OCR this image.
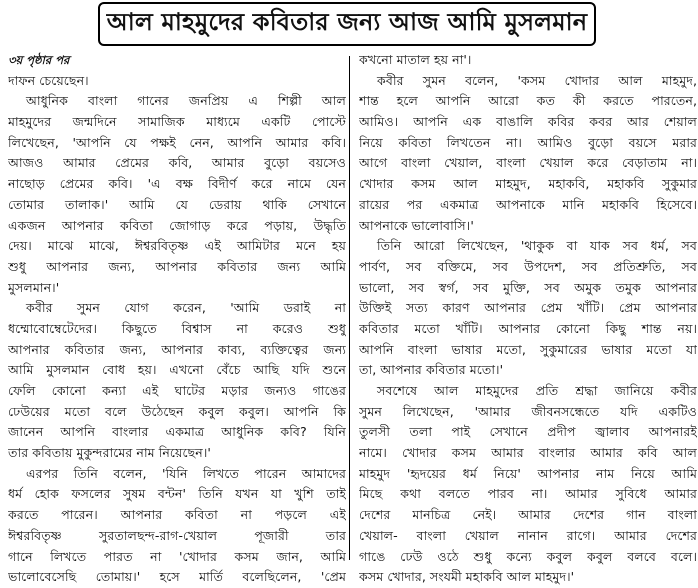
আল মাহমুদের কবিতার জন্য আজ আমি মুসলমান
৩য় পৃষ্ঠার পর
দাফন চেয়েছেন।
আধুনিক বাংলা গানের জনপ্রিয় এ শিল্পী আল
মাহমুদের জন্মদিনে সামাজিক মাধ্যমে একটি পোস্টে
লিখেছেন, 'আপনি যে পক্ষই নেন, আপনি আমার কবি।
আজও আমার প্রেমের কবি, আমার বুড়ো বয়সেও
নাছোড় প্রেমের কবি। 'এ বক্ষ বিদীর্ণ করে নামে যেন
তোমার তালাক।' আমি যে ডেরায় থাকি সেখানে
একজন আপনার কবিতা জোগাড় করে পড়ায়, উদ্ধৃতি
দেয়। মাঝে মাঝে, ঈশ্বরবিতৃষ্ণ এই আমিটার মনে হয়
শুধু আপনার জন্য, আপনার কবিতার জন্য আমি
মুসলমান।'
কবীর সুমন যোগ করেন, 'আমি ডরাই না
ধম্মোবোম্বেটেদের। কিছুতে বিশ্বাস না করেও শুধু
আপনার কবিতার জন্য, আপনার কাব্য, ব্যক্তিত্বের জন্য
আমি মুসলমান বোধ হয়। এখনো বেঁচে আছি যদি শুনে
ফেলি কোনো কন্যা এই ঘাটের মড়ার জন্যও গাঙের
ঢেউয়ের মতো বলে উঠেছেন কবুল কবুল। আপনি কি
জানেন আপনি বাংলার একমাত্র আধুনিক কবি? যিনি
তার কবিতায় মুকুন্দরামের নাম নিয়েছেন।'
এরপর তিনি বলেন, 'যিনি লিখতে পারেন আমাদের
ধর্ম হোক ফসলের সুষম বন্টন' তিনি যখন যা খুশি তাই
করতে পারেন। আপনার কবিতা না পড়লে এই
ঈশ্বরবিতৃষ্ণ সুরতালছন্দ-রাগ-খেয়াল পূজারী তার
গানে লিখতে পারত না 'খোদার কসম জান, আমি
ভালোবেসেছি তোমায়।' হসে মার্তি বলেছিলেন, 'প্রেম
কখনো মাতাল হয় না'।
কবীর সুমন বলেন, 'কসম খোদার আল মাহমুদ,
শান্ত হলে আপনি আরো কত কী করতে পারতেন,
আমিও। আপনি এক বাঙালি কবির কবর আর শেয়াল
নিয়ে কবিতা লিখতেন না। আমিও বুড়ো বয়সে মরার
আগে বাংলা খেয়াল, বাংলা খেয়াল করে বেড়াতাম না।
খোদার কসম আল মাহমুদ, মহাকবি, মহাকবি সুকুমার
রায়ের পর একমাত্র আপনাকে মানি মহাকবি হিসেবে।
আপনাকে ভালোবাসি।'
তিনি আরো লিখেছেন, 'থাকুক বা যাক সব ধর্ম, সব
পার্বণ, সব বক্তিমে, সব উপদেশ, সব প্রতিশ্রুতি, সব
ভালো, সব স্বর্গ, সব মুক্তি, সব অমুক তমুক আপনার
উক্তিই সত্য কারণ আপনার প্রেম খাঁটি। প্রেম আপনার
কবিতার মতো খাঁটি। আপনার কোনো কিছু শান্ত নয়।
আপনি বাংলা ভাষার মতো, সুকুমারের ভাষার মতো যা
তা, আপনার কবিতার মতো।'
সবশেষে আল মাহমুদের প্রতি শ্রদ্ধা জানিয়ে কবীর
সুমন লিখেছেন, 'আমার জীবনসন্ধেতে যদি একটিও
তুলসী তলা পাই সেখানে প্রদীপ জ্বালাব আপনারই
নামে। খোদার কসম আমার বাংলার আমার কবি আল
মাহমুদ 'হৃদয়ের ধর্ম নিয়ে' আপনার নাম নিয়ে আমি
মিছে কথা বলতে পারব না। আমার সুবিধে আমার
দেশের মানচিত্র নেই। আমার দেশের গান বাংলা
খেয়াল- বাংলা খেয়াল নানান রাগে। আমার দেশের
গাঙে ঢেউ ওঠে শুধু কন্যে কবুল কবুল বলবে বলে।
কসম খোদার, সংযমী মহাকবি আল মাহমুদ।'
